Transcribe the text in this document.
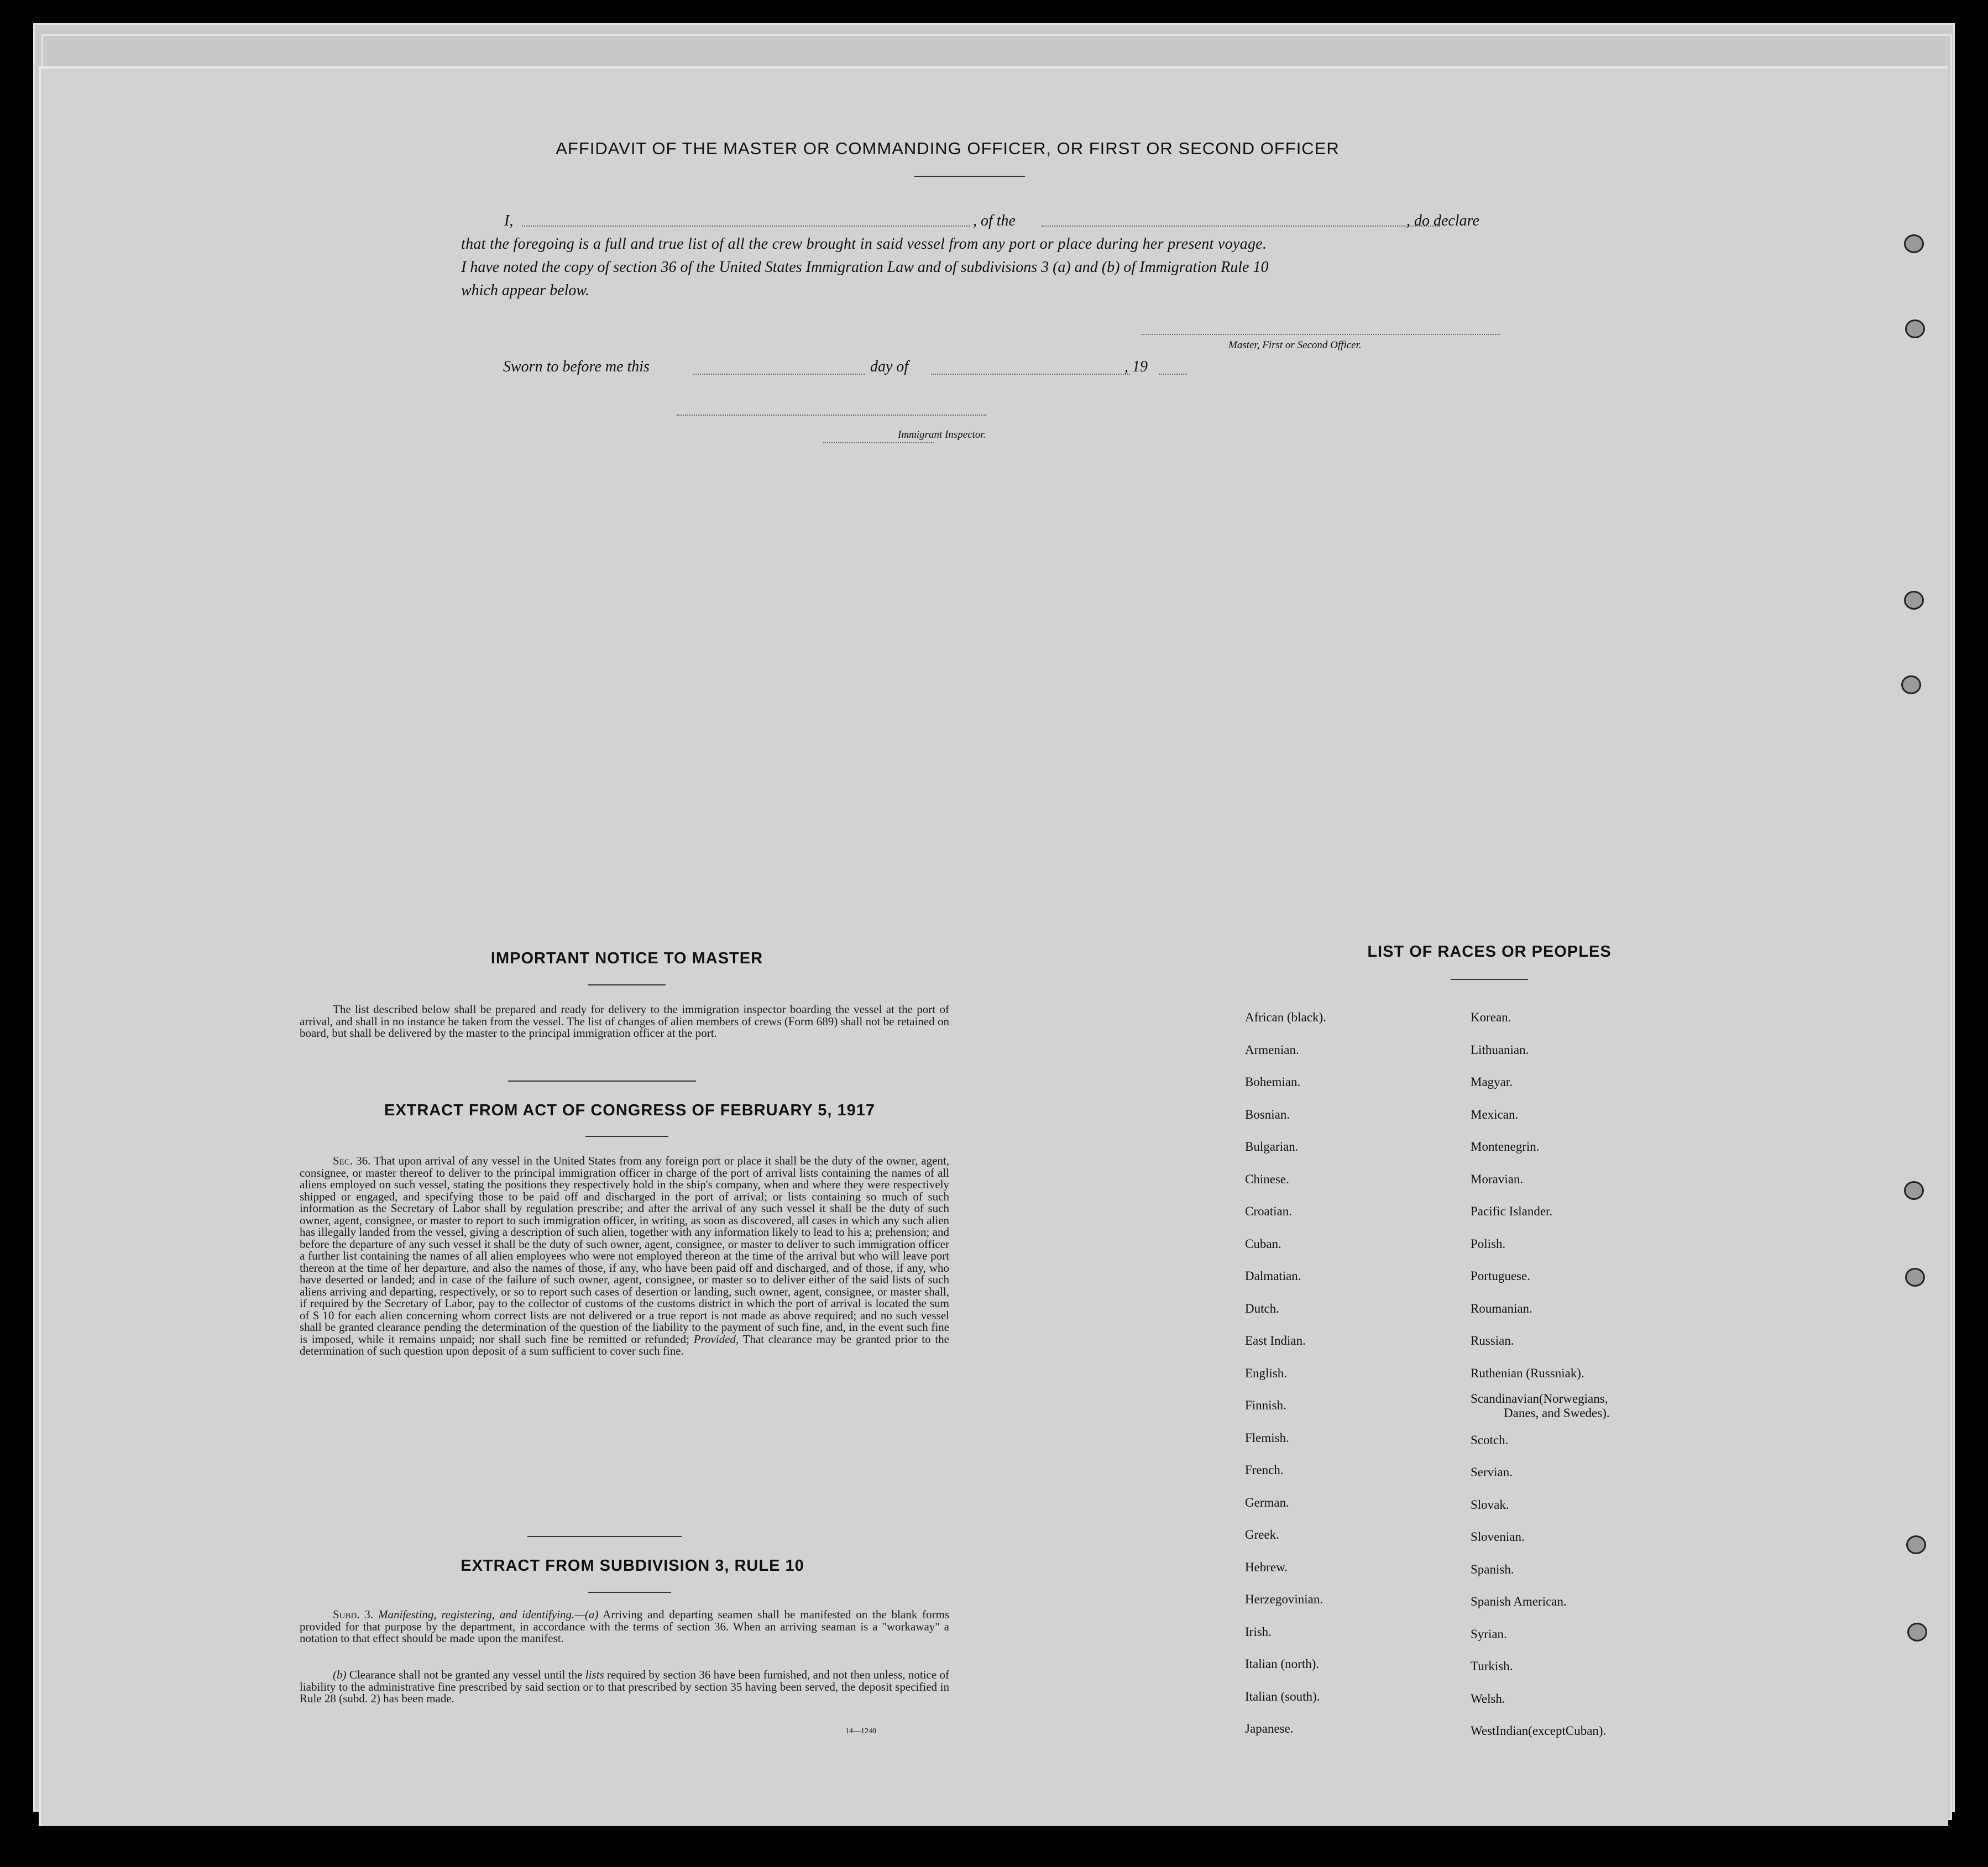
AFFIDAVIT OF THE MASTER OR COMMANDING OFFICER, OR FIRST OR SECOND OFFICER
I,	, of the	, do declare
that the foregoing is a full and true list of all the crew brought in said vessel from any port or place during her present voyage.
I have noted the copy of section 36 of the United States Immigration Law and of subdivisions 3 (a) and (b) of Immigration Rule 10
which appear below.
Master, First or Second Officer.
Sworn to before me this	day of	, 19
Immigrant Inspector.
IMPORTANT NOTICE TO MASTER
The list described below shall be prepared and ready for delivery to the immigration inspector boarding the vessel at the port of arrival, and shall in no instance be taken from the vessel. The list of changes of alien members of crews (Form 689) shall not be retained on board, but shall be delivered by the master to the principal immigration officer at the port.
EXTRACT FROM ACT OF CONGRESS OF FEBRUARY 5, 1917
Sec. 36. That upon arrival of any vessel in the United States from any foreign port or place it shall be the duty of the owner, agent, consignee, or master thereof to deliver to the principal immigration officer in charge of the port of arrival lists containing the names of all aliens employed on such vessel, stating the positions they respectively hold in the ship's company, when and where they were respectively shipped or engaged, and specifying those to be paid off and discharged in the port of arrival; or lists containing so much of such information as the Secretary of Labor shall by regulation prescribe; and after the arrival of any such vessel it shall be the duty of such owner, agent, consignee, or master to report to such immigration officer, in writing, as soon as discovered, all cases in which any such alien has illegally landed from the vessel, giving a description of such alien, together with any information likely to lead to his a; prehension; and before the departure of any such vessel it shall be the duty of such owner, agent, consignee, or master to deliver to such immigration officer a further list containing the names of all alien employees who were not employed thereon at the time of the arrival but who will leave port thereon at the time of her departure, and also the names of those, if any, who have been paid off and discharged, and of those, if any, who have deserted or landed; and in case of the failure of such owner, agent, consignee, or master so to deliver either of the said lists of such aliens arriving and departing, respectively, or so to report such cases of desertion or landing, such owner, agent, consignee, or master shall, if required by the Secretary of Labor, pay to the collector of customs of the customs district in which the port of arrival is located the sum of $ 10 for each alien concerning whom correct lists are not delivered or a true report is not made as above required; and no such vessel shall be granted clearance pending the determination of the question of the liability to the payment of such fine, and, in the event such fine is imposed, while it remains unpaid; nor shall such fine be remitted or refunded; Provided, That clearance may be granted prior to the determination of such question upon deposit of a sum sufficient to cover such fine.
EXTRACT FROM SUBDIVISION 3, RULE 10
Subd. 3. Manifesting, registering, and identifying.—(a) Arriving and departing seamen shall be manifested on the blank forms provided for that purpose by the department, in accordance with the terms of section 36. When an arriving seaman is a "workaway" a notation to that effect should be made upon the manifest.
(b) Clearance shall not be granted any vessel until the lists required by section 36 have been furnished, and not then unless, notice of liability to the administrative fine prescribed by said section or to that prescribed by section 35 having been served, the deposit specified in Rule 28 (subd. 2) has been made.
14—1240
LIST OF RACES OR PEOPLES
African (black).
Armenian.
Bohemian.
Bosnian.
Bulgarian.
Chinese.
Croatian.
Cuban.
Dalmatian.
Dutch.
East Indian.
English.
Finnish.
Flemish.
French.
German.
Greek.
Hebrew.
Herzegovinian.
Irish.
Italian (north).
Italian (south).
Japanese.
Korean.
Lithuanian.
Magyar.
Mexican.
Montenegrin.
Moravian.
Pacific Islander.
Polish.
Portuguese.
Roumanian.
Russian.
Ruthenian (Russniak).
Scandinavian(Norwegians,
Danes, and Swedes).
Scotch.
Servian.
Slovak.
Slovenian.
Spanish.
Spanish American.
Syrian.
Turkish.
Welsh.
WestIndian(exceptCuban).
